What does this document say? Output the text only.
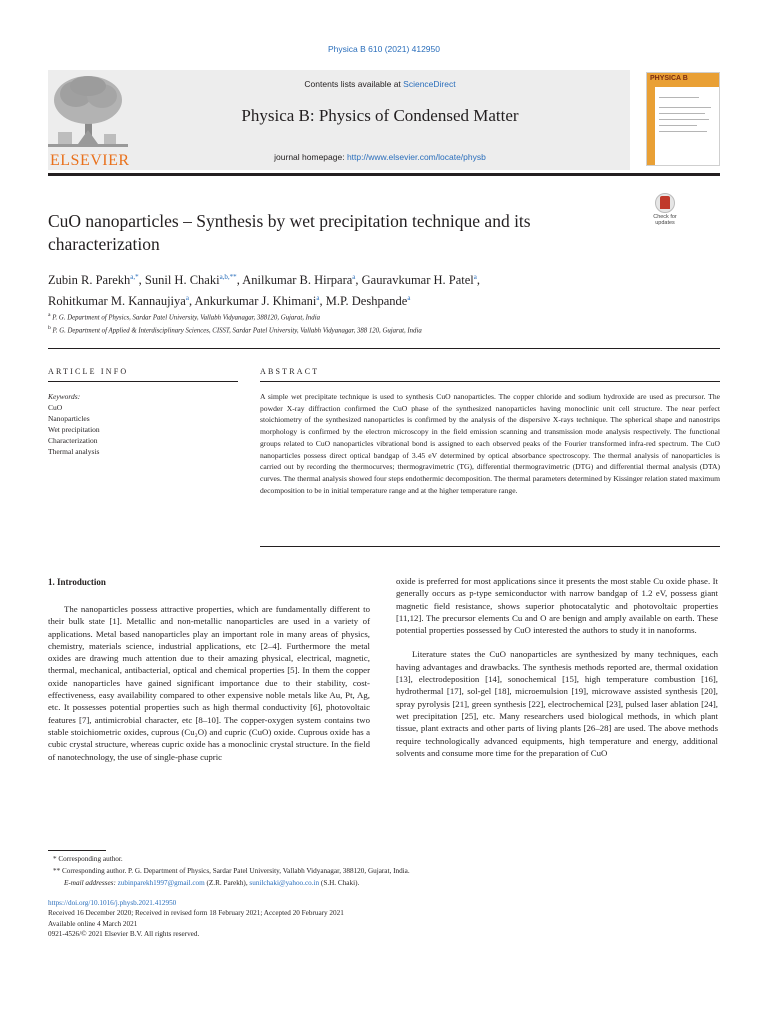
Physica B 610 (2021) 412950
ELSEVIER
Contents lists available at ScienceDirect
Physica B: Physics of Condensed Matter
journal homepage: http://www.elsevier.com/locate/physb
PHYSICA B
CuO nanoparticles – Synthesis by wet precipitation technique and its characterization
Check for updates
Zubin R. Parekh$^{a,*}$, Sunil H. Chaki$^{a,b,**}$, Anilkumar B. Hirpara$^a$, Gauravkumar H. Patel$^a$,
Rohitkumar M. Kannaujiya$^a$, Ankurkumar J. Khimani$^a$, M.P. Deshpande$^a$
$^a$ P. G. Department of Physics, Sardar Patel University, Vallabh Vidyanagar, 388120, Gujarat, India
$^b$ P. G. Department of Applied & Interdisciplinary Sciences, CISST, Sardar Patel University, Vallabh Vidyanagar, 388 120, Gujarat, India
ARTICLE INFO	ABSTRACT
Keywords:
CuO
Nanoparticles
Wet precipitation
Characterization
Thermal analysis
A simple wet precipitate technique is used to synthesis CuO nanoparticles. The copper chloride and sodium hydroxide are used as precursor. The powder X-ray diffraction confirmed the CuO phase of the synthesized nanoparticles having monoclinic unit cell structure. The near perfect stoichiometry of the synthesized nanoparticles is confirmed by the analysis of the dispersive X-rays technique. The spherical shape and nanostrips morphology is confirmed by the electron microscopy in the field emission scanning and transmission mode analysis respectively. The functional groups related to CuO nanoparticles vibrational bond is assigned to each observed peaks of the Fourier transformed infra-red spectrum. The CuO nanoparticles possess direct optical bandgap of 3.45 eV determined by optical absorbance spectroscopy. The thermal analysis of nanoparticles is carried out by recording the thermocurves; thermogravimetric (TG), differential thermogravimetric (DTG) and differential thermal analysis (DTA) curves. The thermal analysis showed four steps endothermic decomposition. The thermal parameters determined by Kissinger relation stated maximum decomposition to be in initial temperature range and at the higher temperature range.
1. Introduction

The nanoparticles possess attractive properties, which are fundamentally different to their bulk state [1]. Metallic and non-metallic nanoparticles are used in a variety of applications. Metal based nanoparticles play an important role in many areas of physics, chemistry, materials science, industrial applications, etc [2–4]. Furthermore the metal oxides are drawing much attention due to their amazing physical, electrical, magnetic, thermal, mechanical, antibacterial, optical and chemical properties [5]. In them the copper oxide nanoparticles have gained significant importance due to their stability, cost-effectiveness, easy availability compared to other expensive noble metals like Au, Pt, Ag, etc. It possesses potential properties such as high thermal conductivity [6], photovoltaic features [7], antimicrobial character, etc [8–10]. The copper-oxygen system contains two stable stoichiometric oxides, cuprous (Cu₂O) and cupric (CuO) oxide. Cuprous oxide has a cubic crystal structure, whereas cupric oxide has a monoclinic crystal structure. In the field of nanotechnology, the use of single-phase cupric

oxide is preferred for most applications since it presents the most stable Cu oxide phase. It generally occurs as p-type semiconductor with narrow bandgap of 1.2 eV, possess giant magnetic field resistance, shows superior photocatalytic and photovoltaic properties [11,12]. The precursor elements Cu and O are benign and amply available on earth. These potential properties possessed by CuO interested the authors to study it in nanoforms.

Literature states the CuO nanoparticles are synthesized by many techniques, each having advantages and drawbacks. The synthesis methods reported are, thermal oxidation [13], electrodeposition [14], sonochemical [15], high temperature combustion [16], hydrothermal [17], sol-gel [18], microemulsion [19], microwave assisted synthesis [20], spray pyrolysis [21], green synthesis [22], electrochemical [23], pulsed laser ablation [24], wet precipitation [25], etc. Many researchers used biological methods, in which plant tissue, plant extracts and other parts of living plants [26–28] are used. The above methods require technologically advanced equipments, high temperature and energy, additional solvents and consume more time for the preparation of CuO

* Corresponding author.
** Corresponding author. P. G. Department of Physics, Sardar Patel University, Vallabh Vidyanagar, 388120, Gujarat, India.
E-mail addresses: zubinparekh1997@gmail.com (Z.R. Parekh), sunilchaki@yahoo.co.in (S.H. Chaki).
https://doi.org/10.1016/j.physb.2021.412950
Received 16 December 2020; Received in revised form 18 February 2021; Accepted 20 February 2021
Available online 4 March 2021
0921-4526/© 2021 Elsevier B.V. All rights reserved.
